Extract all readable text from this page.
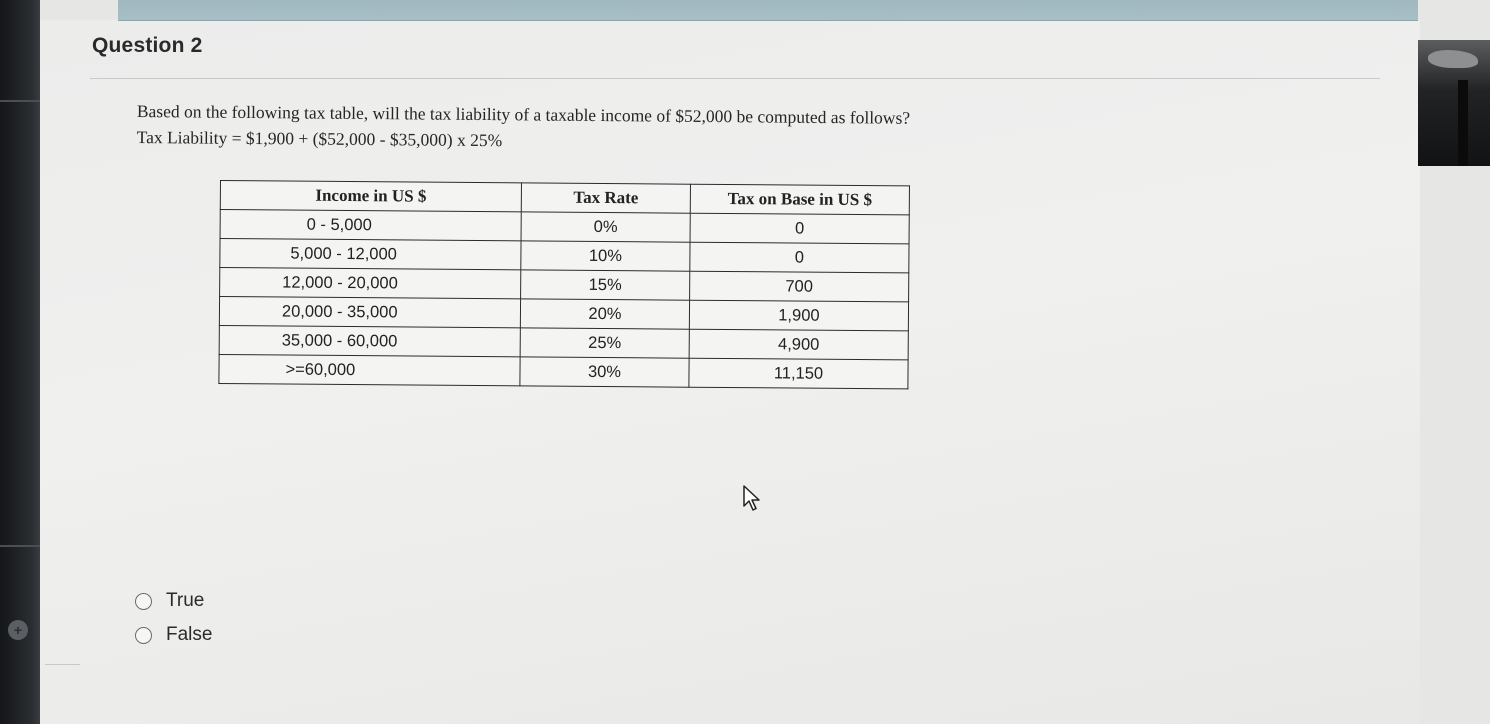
+
Question 2
Based on the following tax table, will the tax liability of a taxable income of $52,000 be computed as follows?
Tax Liability = $1,900 + ($52,000 - $35,000) x 25%
Income in US $	Tax Rate	Tax on Base in US $
0 - 5,000	0%	0
5,000 - 12,000	10%	0
12,000 - 20,000	15%	700
20,000 - 35,000	20%	1,900
35,000 - 60,000	25%	4,900
>=60,000	30%	11,150
True
False
